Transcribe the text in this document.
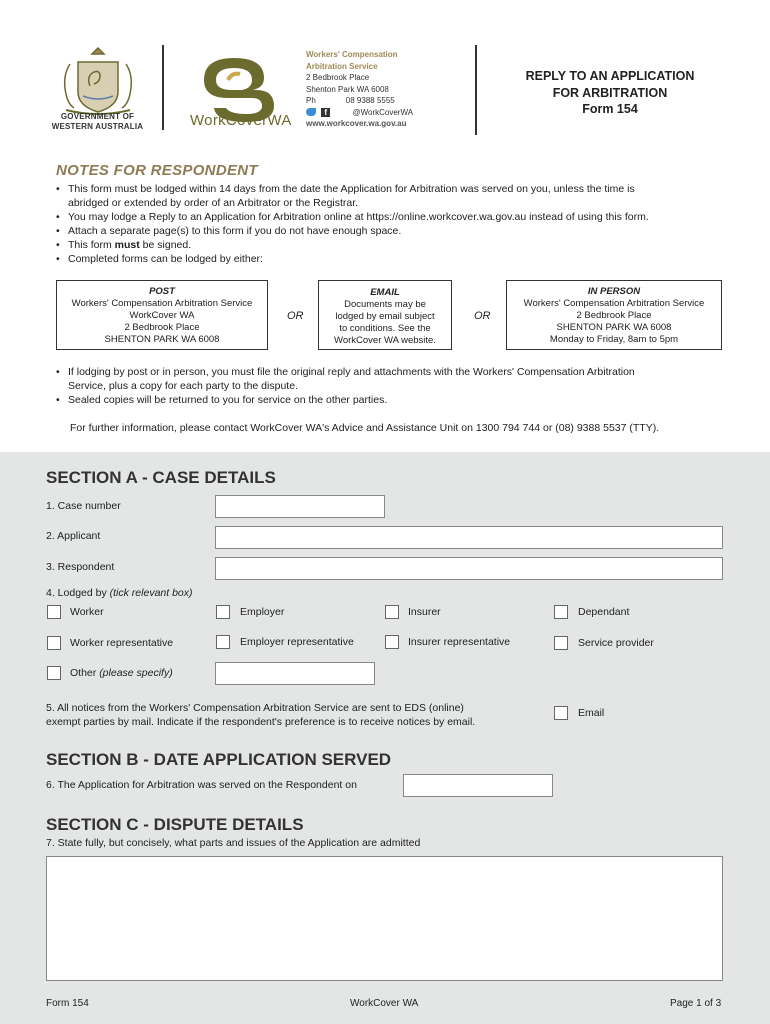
GOVERNMENT OF
WESTERN AUSTRALIA	WorkCoverWA
Workers' Compensation
Arbitration Service
2 Bedbrook Place
Shenton Park WA 6008
Ph	08 9388 5555
f	@WorkCoverWA
www.workcover.wa.gov.au
REPLY TO AN APPLICATION
FOR ARBITRATION
Form 154
NOTES FOR RESPONDENT
• This form must be lodged within 14 days from the date the Application for Arbitration was served on you, unless the time is
abridged or extended by order of an Arbitrator or the Registrar.
• You may lodge a Reply to an Application for Arbitration online at https://online.workcover.wa.gov.au instead of using this form.
• Attach a separate page(s) to this form if you do not have enough space.
• This form must be signed.
• Completed forms can be lodged by either:
POST
Workers' Compensation Arbitration Service
WorkCover WA
2 Bedbrook Place
SHENTON PARK WA 6008
OR
EMAIL
Documents may be
lodged by email subject
to conditions. See the
WorkCover WA website.
OR
IN PERSON
Workers' Compensation Arbitration Service
2 Bedbrook Place
SHENTON PARK WA 6008
Monday to Friday, 8am to 5pm
• If lodging by post or in person, you must file the original reply and attachments with the Workers' Compensation Arbitration
Service, plus a copy for each party to the dispute.
• Sealed copies will be returned to you for service on the other parties.
For further information, please contact WorkCover WA's Advice and Assistance Unit on 1300 794 744 or (08) 9388 5537 (TTY).
SECTION A - CASE DETAILS
1. Case number
2. Applicant
3. Respondent
4. Lodged by (tick relevant box)
Worker	Employer	Insurer	Dependant
Worker representative	Employer representative	Insurer representative	Service provider
Other (please specify)
5. All notices from the Workers' Compensation Arbitration Service are sent to EDS (online)
exempt parties by mail. Indicate if the respondent's preference is to receive notices by email.
Email
SECTION B - DATE APPLICATION SERVED
6. The Application for Arbitration was served on the Respondent on
SECTION C - DISPUTE DETAILS
7. State fully, but concisely, what parts and issues of the Application are admitted
Form 154	WorkCover WA	Page 1 of 3
